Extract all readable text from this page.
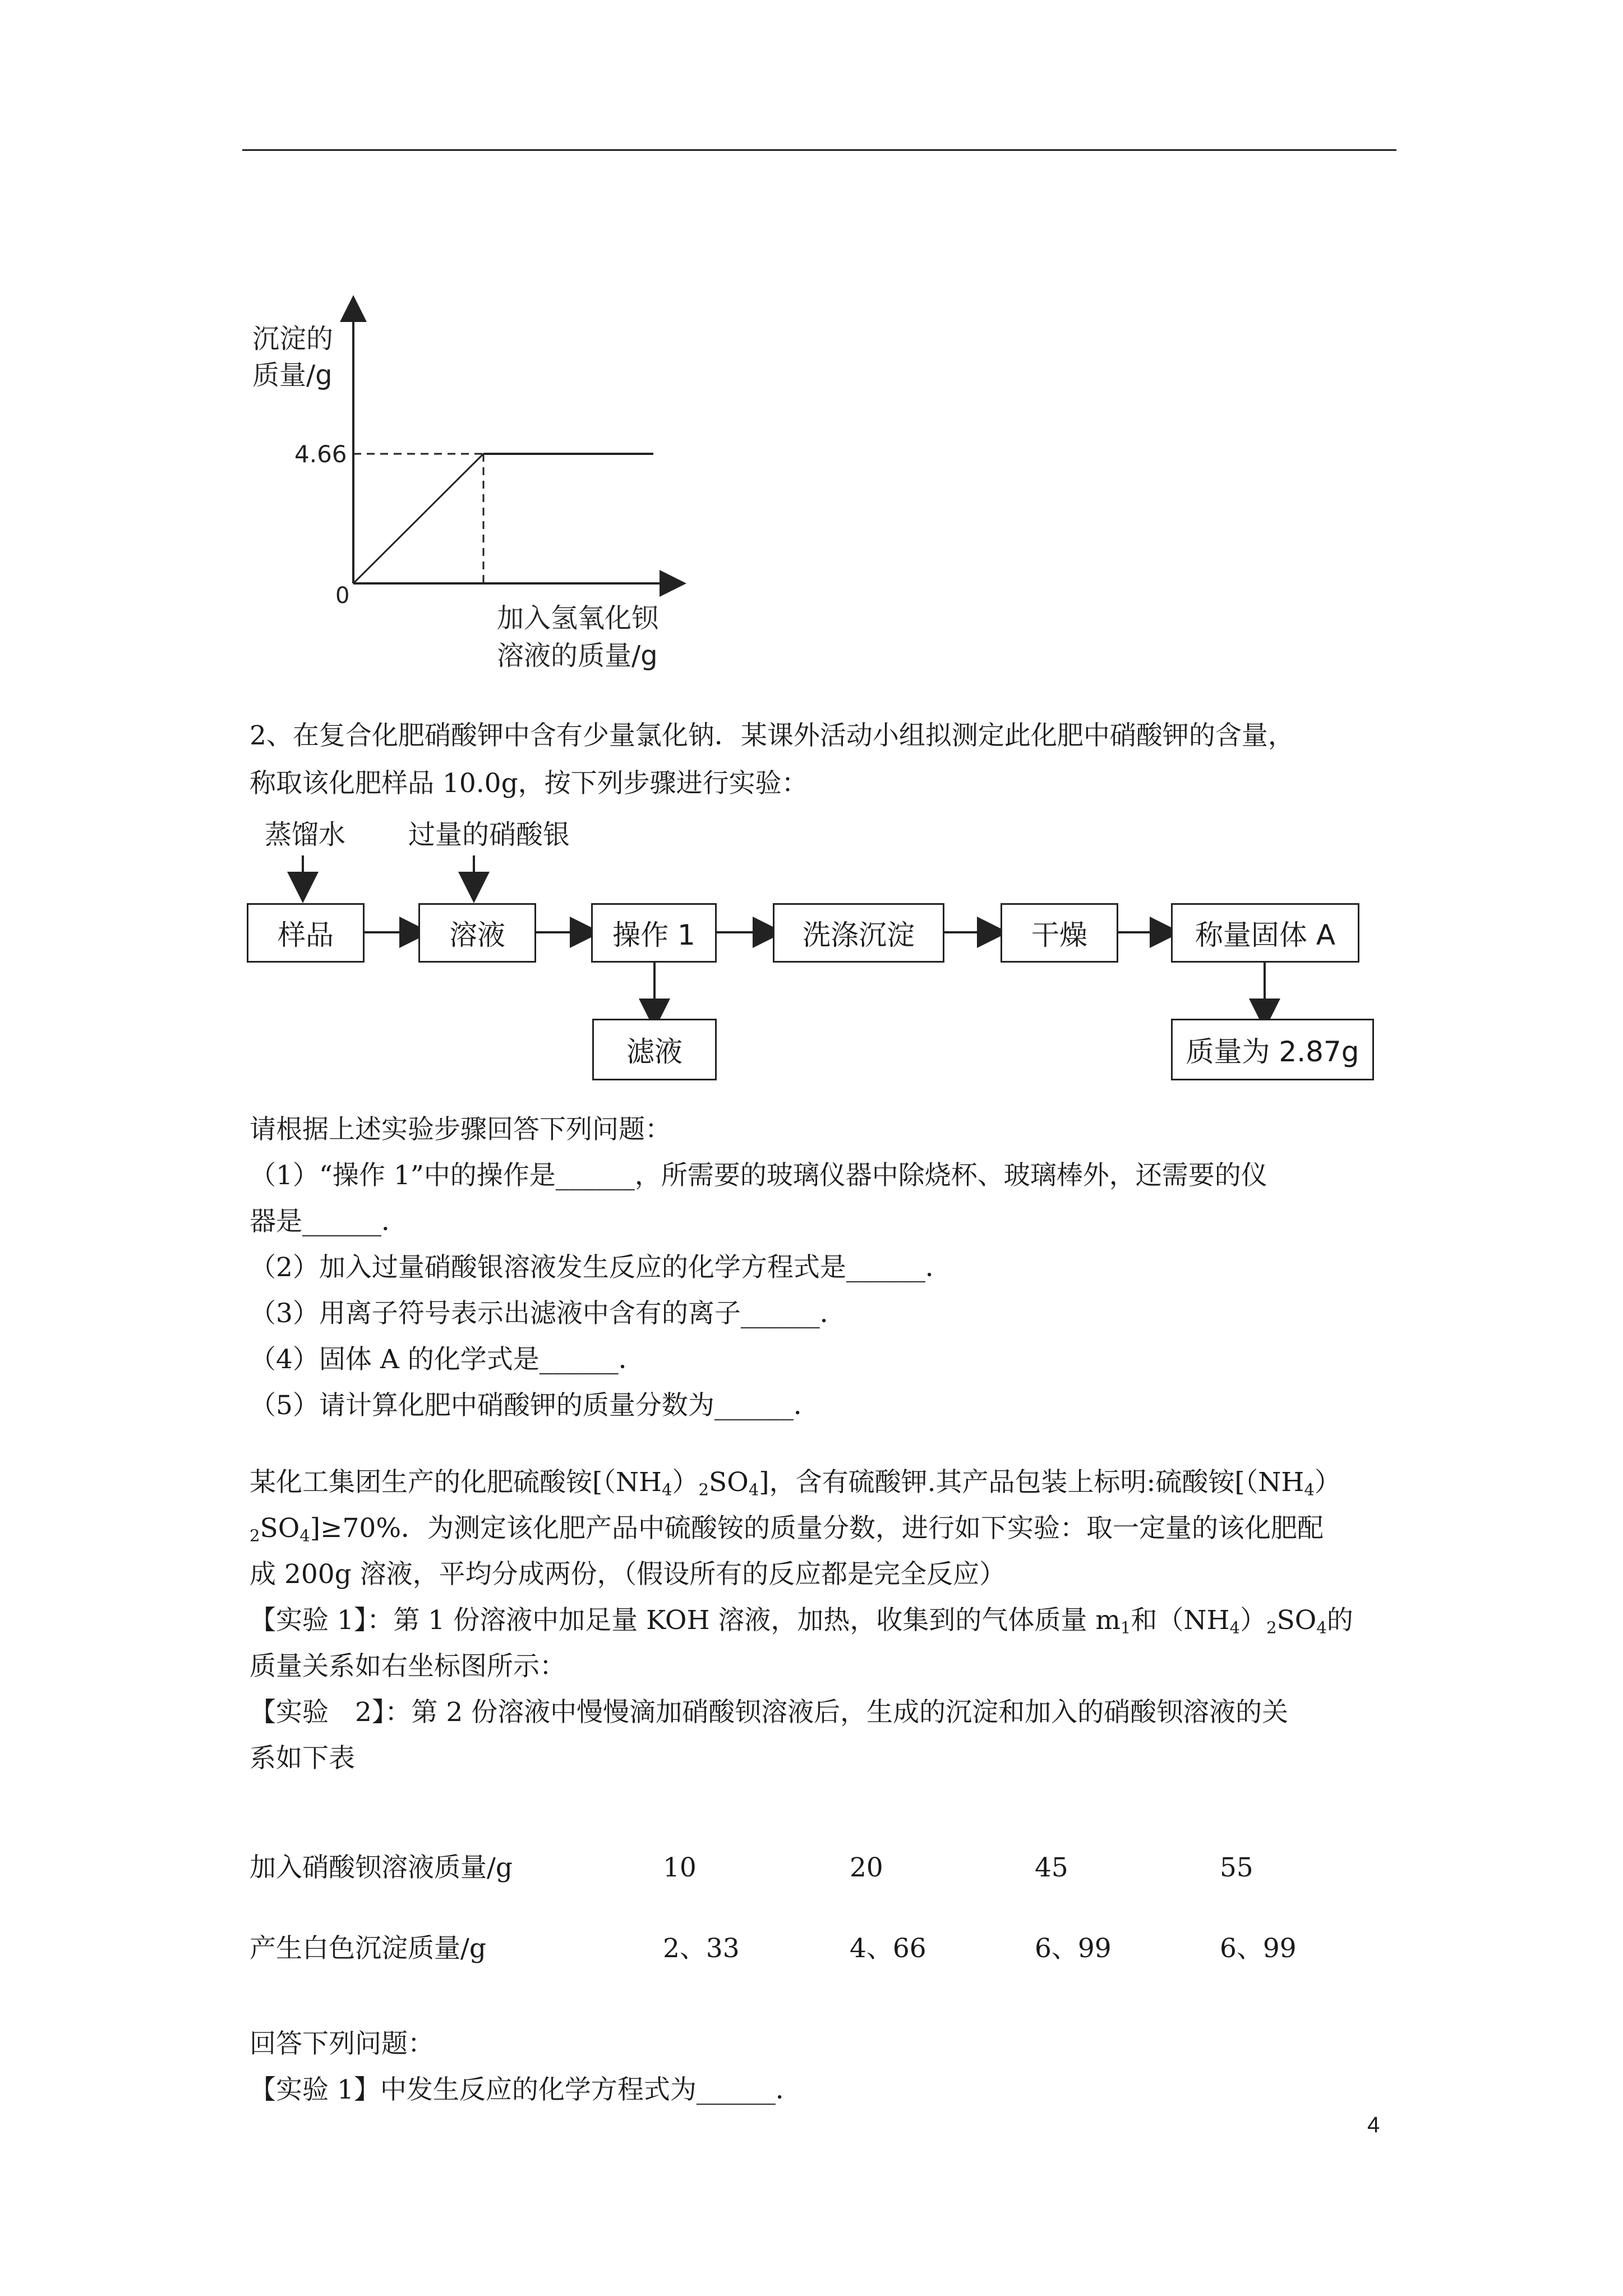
沉淀的
质量/g
4.66
0
加入氢氧化钡
溶液的质量/g
2、在复合化肥硝酸钾中含有少量氯化钠．某课外活动小组拟测定此化肥中硝酸钾的含量，
称取该化肥样品 10.0g，按下列步骤进行实验：
蒸馏水 过量的硝酸银
样品	溶液	操作 1	洗涤沉淀	干燥	称量固体 A
滤液	质量为 2.87g
请根据上述实验步骤回答下列问题：
（1）“操作 1”中的操作是______，所需要的玻璃仪器中除烧杯、玻璃棒外，还需要的仪
器是______．
（2）加入过量硝酸银溶液发生反应的化学方程式是______．
（3）用离子符号表示出滤液中含有的离子______．
（4）固体 A 的化学式是______．
（5）请计算化肥中硝酸钾的质量分数为______．
某化工集团生产的化肥硫酸铵$[(NH_4)_2SO_4]$，含有硫酸钾.其产品包装上标明:硫酸铵[$(NH_4)$
$_2SO_4]\ge 70\%$．为测定该化肥产品中硫酸铵的质量分数，进行如下实验：取一定量的该化肥配
成 200g 溶液，平均分成两份，（假设所有的反应都是完全反应）
【实验 1】：第 1 份溶液中加足量 KOH 溶液，加热，收集到的气体质量 $m_1$和$(NH_4)_2SO_4$的
质量关系如右坐标图所示：
【实验　2】：第 2 份溶液中慢慢滴加硝酸钡溶液后，生成的沉淀和加入的硝酸钡溶液的关
系如下表
加入硝酸钡溶液质量/g	10	20	45	55
产生白色沉淀质量/g	2、33	4、66	6、99	6、99
回答下列问题：
【实验 1】中发生反应的化学方程式为______．
4
